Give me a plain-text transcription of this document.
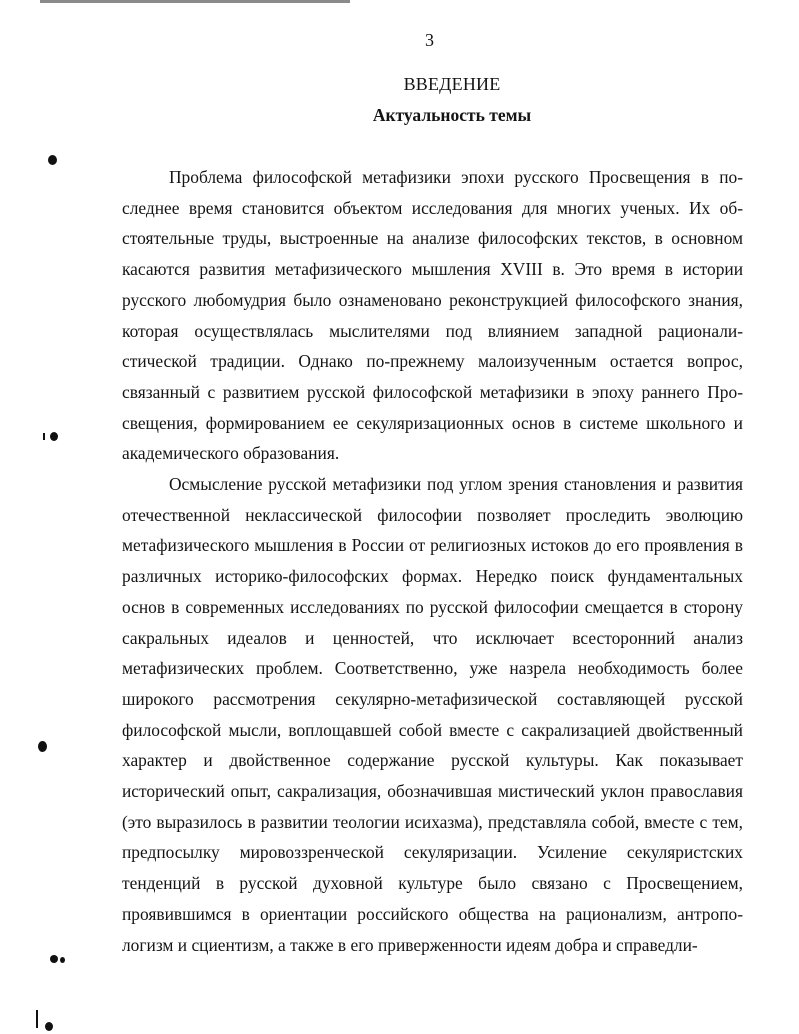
3
ВВЕДЕНИЕ
Актуальность темы

Проблема философской метафизики эпохи русского Просвещения в последнее время становится объектом исследования для многих ученых. Их обстоятельные труды, выстроенные на анализе философских текстов, в основном касаются развития метафизического мышления XVIII в. Это время в истории русского любомудрия было ознаменовано реконструкцией философского знания, которая осуществлялась мыслителями под влиянием западной рационалистической традиции. Однако по-прежнему малоизученным остается вопрос, связанный с развитием русской философской метафизики в эпоху раннего Просвещения, формированием ее секуляризационных основ в системе школьного и академического образования.

Осмысление русской метафизики под углом зрения становления и развития отечественной неклассической философии позволяет проследить эволюцию метафизического мышления в России от религиозных истоков до его проявления в различных историко-философских формах. Нередко поиск фундаментальных основ в современных исследованиях по русской философии смещается в сторону сакральных идеалов и ценностей, что исключает всесторонний анализ метафизических проблем. Соответственно, уже назрела необходимость более широкого рассмотрения секулярно-метафизической составляющей русской философской мысли, воплощавшей собой вместе с сакрализацией двойственный характер и двойственное содержание русской культуры. Как показывает исторический опыт, сакрализация, обозначившая мистический уклон православия (это выразилось в развитии теологии исихазма), представляла собой, вместе с тем, предпосылку мировоззренческой секуляризации. Усиление секуляристских тенденций в русской духовной культуре было связано с Просвещением, проявившимся в ориентации российского общества на рационализм, антропологизм и сциентизм, а также в его приверженности идеям добра и справедли-
